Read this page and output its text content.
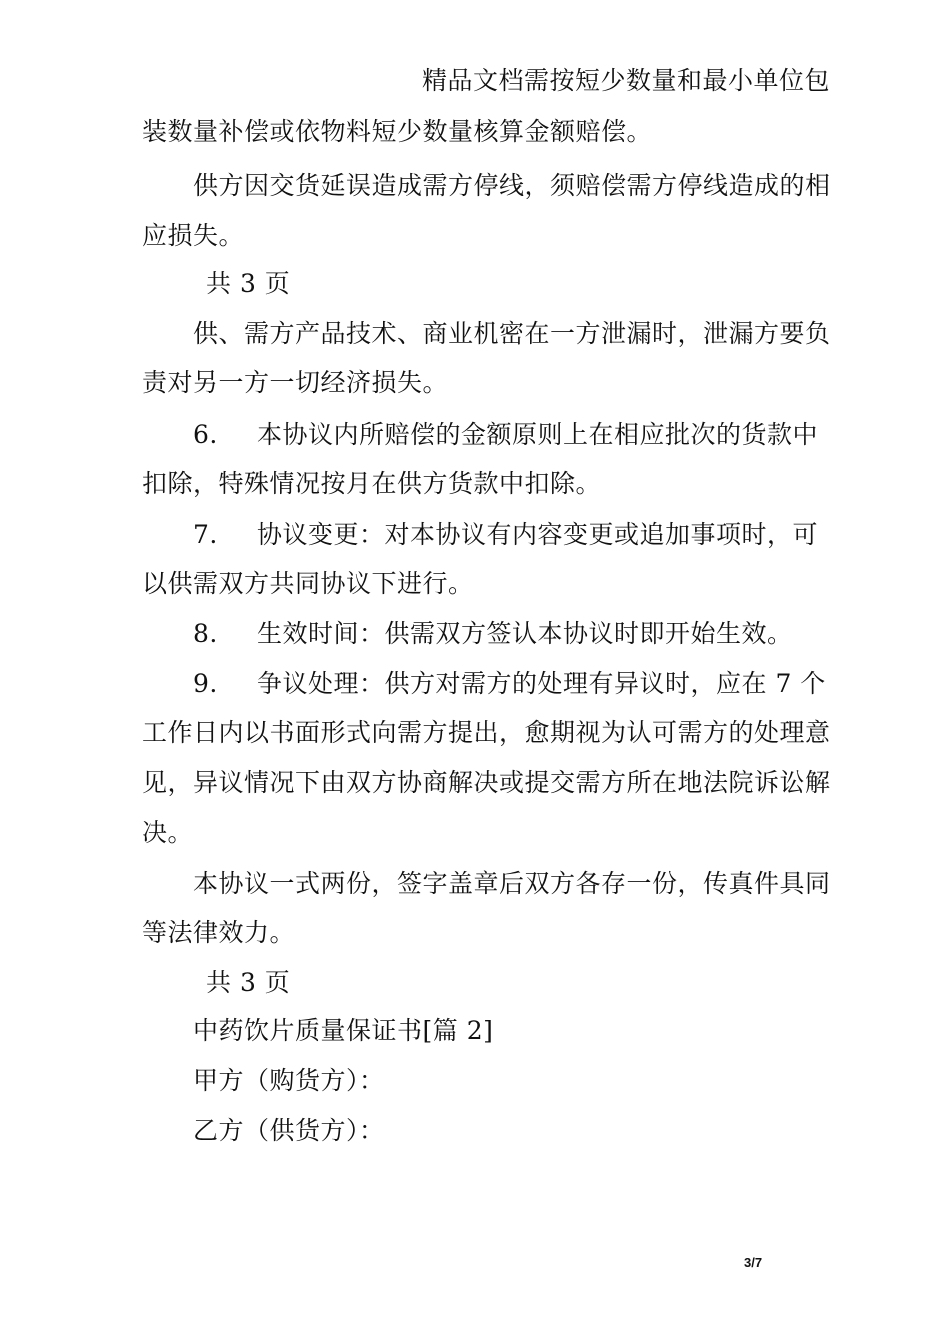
精品文档需按短少数量和最小单位包
装数量补偿或依物料短少数量核算金额赔偿。
供方因交货延误造成需方停线，须赔偿需方停线造成的相
应损失。
共 3 页
供、需方产品技术、商业机密在一方泄漏时，泄漏方要负
责对另一方一切经济损失。
6. 本协议内所赔偿的金额原则上在相应批次的货款中
扣除，特殊情况按月在供方货款中扣除。
7. 协议变更：对本协议有内容变更或追加事项时，可
以供需双方共同协议下进行。
8. 生效时间：供需双方签认本协议时即开始生效。
9. 争议处理：供方对需方的处理有异议时，应在 7 个
工作日内以书面形式向需方提出，愈期视为认可需方的处理意
见，异议情况下由双方协商解决或提交需方所在地法院诉讼解
决。
本协议一式两份，签字盖章后双方各存一份，传真件具同
等法律效力。
共 3 页
中药饮片质量保证书[篇 2]
甲方（购货方）：
乙方（供货方）：
3/7
